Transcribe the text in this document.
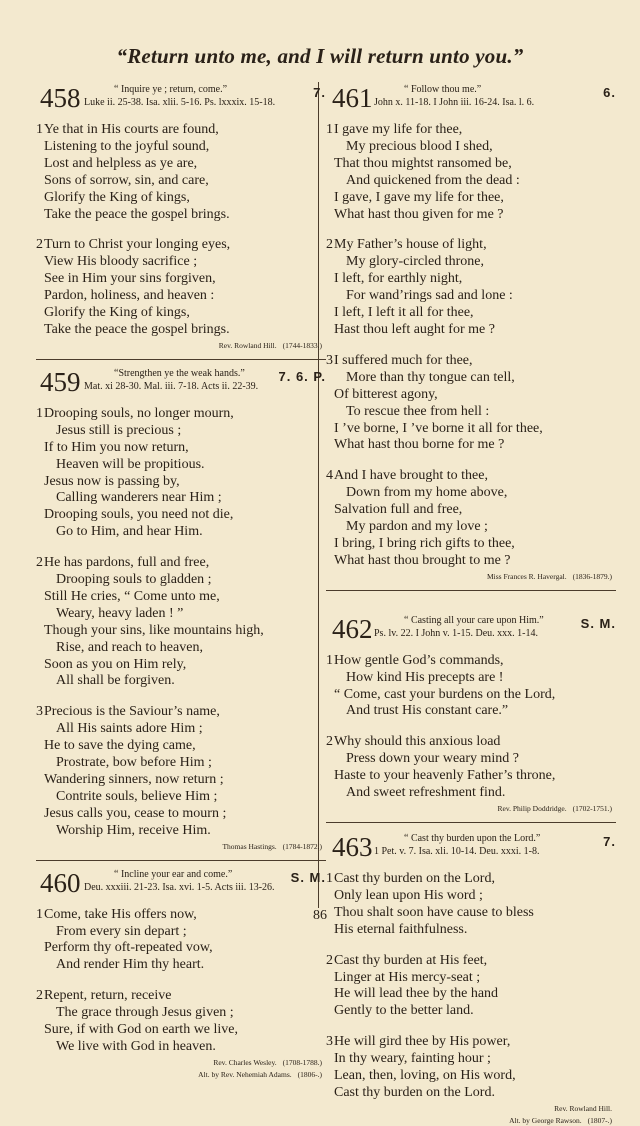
“Return unto me, and I will return unto you.”
458	“ Inquire ye ; return, come.”
Luke ii. 25-38. Isa. xlii. 5-16. Ps. lxxxix. 15-18.
7.
1 Ye that in His courts are found,
Listening to the joyful sound,
Lost and helpless as ye are,
Sons of sorrow, sin, and care,
Glorify the King of kings,
Take the peace the gospel brings.
2 Turn to Christ your longing eyes,
View His bloody sacrifice ;
See in Him your sins forgiven,
Pardon, holiness, and heaven :
Glorify the King of kings,
Take the peace the gospel brings.
Rev. Rowland Hill. (1744-1833.)
459	“Strengthen ye the weak hands.”
Mat. xi 28-30. Mal. iii. 7-18. Acts ii. 22-39.
7. 6. P.
1 Drooping souls, no longer mourn,
Jesus still is precious ;
If to Him you now return,
Heaven will be propitious.
Jesus now is passing by,
Calling wanderers near Him ;
Drooping souls, you need not die,
Go to Him, and hear Him.
2 He has pardons, full and free,
Drooping souls to gladden ;
Still He cries, “ Come unto me,
Weary, heavy laden ! ”
Though your sins, like mountains high,
Rise, and reach to heaven,
Soon as you on Him rely,
All shall be forgiven.
3 Precious is the Saviour’s name,
All His saints adore Him ;
He to save the dying came,
Prostrate, bow before Him ;
Wandering sinners, now return ;
Contrite souls, believe Him ;
Jesus calls you, cease to mourn ;
Worship Him, receive Him.
Thomas Hastings. (1784-1872.)
460	“ Incline your ear and come.”
Deu. xxxiii. 21-23. Isa. xvi. 1-5. Acts iii. 13-26.
S. M.
1 Come, take His offers now,
From every sin depart ;
Perform thy oft-repeated vow,
And render Him thy heart.
2 Repent, return, receive
The grace through Jesus given ;
Sure, if with God on earth we live,
We live with God in heaven.
Rev. Charles Wesley. (1708-1788.)
Alt. by Rev. Nehemiah Adams. (1806-.)
461	“ Follow thou me.”
John x. 11-18. I John iii. 16-24. Isa. l. 6.
6.
1 I gave my life for thee,
My precious blood I shed,
That thou mightst ransomed be,
And quickened from the dead :
I gave, I gave my life for thee,
What hast thou given for me ?
2 My Father’s house of light,
My glory-circled throne,
I left, for earthly night,
For wand’rings sad and lone :
I left, I left it all for thee,
Hast thou left aught for me ?
3 I suffered much for thee,
More than thy tongue can tell,
Of bitterest agony,
To rescue thee from hell :
I ’ve borne, I ’ve borne it all for thee,
What hast thou borne for me ?
4 And I have brought to thee,
Down from my home above,
Salvation full and free,
My pardon and my love ;
I bring, I bring rich gifts to thee,
What hast thou brought to me ?
Miss Frances R. Havergal. (1836-1879.)
462	“ Casting all your care upon Him.”
Ps. lv. 22. I John v. 1-15. Deu. xxx. 1-14.
S. M.
1 How gentle God’s commands,
How kind His precepts are !
“ Come, cast your burdens on the Lord,
And trust His constant care.”
2 Why should this anxious load
Press down your weary mind ?
Haste to your heavenly Father’s throne,
And sweet refreshment find.
Rev. Philip Doddridge. (1702-1751.)
463	“ Cast thy burden upon the Lord.”
1 Pet. v. 7. Isa. xli. 10-14. Deu. xxxi. 1-8.
7.
1 Cast thy burden on the Lord,
Only lean upon His word ;
Thou shalt soon have cause to bless
His eternal faithfulness.
2 Cast thy burden at His feet,
Linger at His mercy-seat ;
He will lead thee by the hand
Gently to the better land.
3 He will gird thee by His power,
In thy weary, fainting hour ;
Lean, then, loving, on His word,
Cast thy burden on the Lord.
Rev. Rowland Hill.
Alt. by George Rawson. (1807-.)
86
